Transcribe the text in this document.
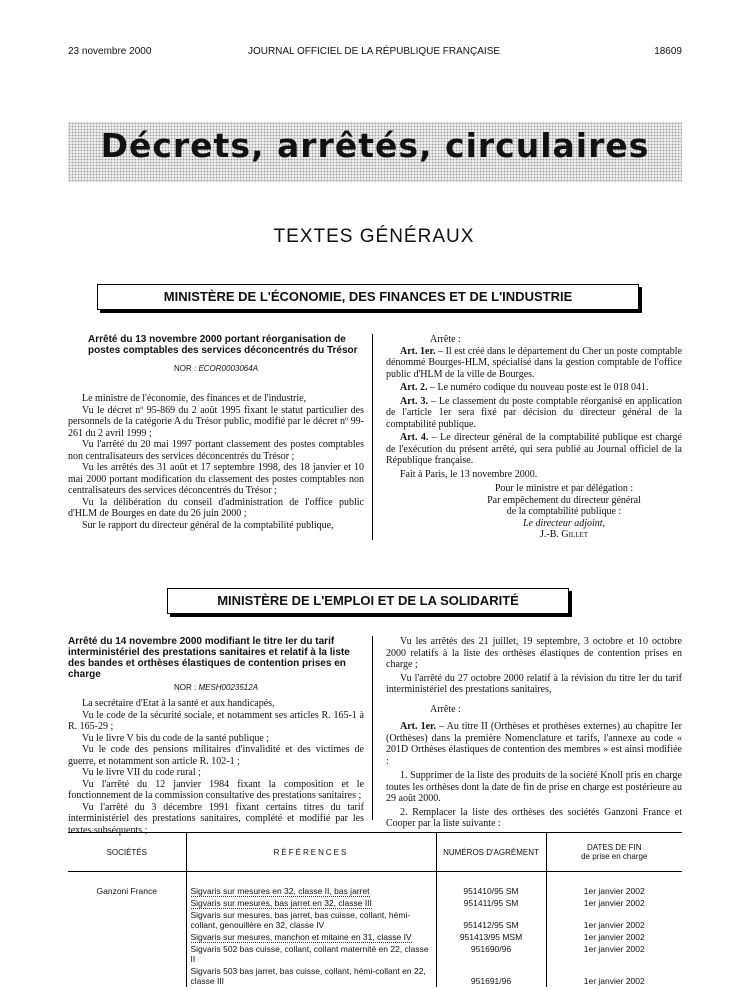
23 novembre 2000	JOURNAL OFFICIEL DE LA RÉPUBLIQUE FRANÇAISE	18609
Décrets, arrêtés, circulaires
TEXTES GÉNÉRAUX
MINISTÈRE DE L'ÉCONOMIE, DES FINANCES ET DE L'INDUSTRIE
Arrêté du 13 novembre 2000 portant réorganisation de postes comptables des services déconcentrés du Trésor
NOR : ECOR0003064A

Le ministre de l'économie, des finances et de l'industrie,

Vu le décret nº 95-869 du 2 août 1995 fixant le statut particulier des personnels de la catégorie A du Trésor public, modifié par le décret nº 99-261 du 2 avril 1999 ;

Vu l'arrêté du 20 mai 1997 portant classement des postes comptables non centralisateurs des services déconcentrés du Trésor ;

Vu les arrêtés des 31 août et 17 septembre 1998, des 18 janvier et 10 mai 2000 portant modification du classement des postes comptables non centralisateurs des services déconcentrés du Trésor ;

Vu la délibération du conseil d'administration de l'office public d'HLM de Bourges en date du 26 juin 2000 ;

Sur le rapport du directeur général de la comptabilité publique,

Arrête :

Art. 1er. – Il est créé dans le département du Cher un poste comptable dénommé Bourges-HLM, spécialisé dans la gestion comptable de l'office public d'HLM de la ville de Bourges.

Art. 2. – Le numéro codique du nouveau poste est le 018 041.

Art. 3. – Le classement du poste comptable réorganisé en application de l'article 1er sera fixé par décision du directeur général de la comptabilité publique.

Art. 4. – Le directeur général de la comptabilité publique est chargé de l'exécution du présent arrêté, qui sera publié au Journal officiel de la République française.

Fait à Paris, le 13 novembre 2000.

Pour le ministre et par délégation :
Par empêchement du directeur général
de la comptabilité publique :
Le directeur adjoint,
J.-B. Gillet
MINISTÈRE DE L'EMPLOI ET DE LA SOLIDARITÉ
Arrêté du 14 novembre 2000 modifiant le titre Ier du tarif interministériel des prestations sanitaires et relatif à la liste des bandes et orthèses élastiques de contention prises en charge
NOR : MESH0023512A

La secrétaire d'Etat à la santé et aux handicapés,

Vu le code de la sécurité sociale, et notamment ses articles R. 165-1 à R. 165-29 ;

Vu le livre V bis du code de la santé publique ;

Vu le code des pensions militaires d'invalidité et des victimes de guerre, et notamment son article R. 102-1 ;

Vu le livre VII du code rural ;

Vu l'arrêté du 12 janvier 1984 fixant la composition et le fonctionnement de la commission consultative des prestations sanitaires ;

Vu l'arrêté du 3 décembre 1991 fixant certains titres du tarif interministériel des prestations sanitaires, complété et modifié par les textes subséquents ;

Vu les arrêtés des 21 juillet, 19 septembre, 3 octobre et 10 octobre 2000 relatifs à la liste des orthèses élastiques de contention prises en charge ;

Vu l'arrêté du 27 octobre 2000 relatif à la révision du titre Ier du tarif interministériel des prestations sanitaires,

Arrête :

Art. 1er. – Au titre II (Orthèses et prothèses externes) au chapitre Ier (Orthèses) dans la première Nomenclature et tarifs, l'annexe au code « 201D Orthèses élastiques de contention des membres » est ainsi modifiée :

1. Supprimer de la liste des produits de la société Knoll pris en charge toutes les orthèses dont la date de fin de prise en charge est postérieure au 29 août 2000.

2. Remplacer la liste des orthèses des sociétés Ganzoni France et Cooper par la liste suivante :

SOCIÉTÉS	RÉFÉRENCES	NUMÉROS D'AGRÉMENT	DATES DE FIN
de prise en charge

Ganzoni France	Sigvaris sur mesures en 32, classe II, bas jarret	951410/95 SM	1er janvier 2002
	Sigvaris sur mesures, bas jarret en 32, classe III	951411/95 SM	1er janvier 2002
	Sigvaris sur mesures, bas jarret, bas cuisse, collant, hémi-collant, genouillère en 32, classe IV	951412/95 SM	1er janvier 2002
	Sigvaris sur mesures, manchon et mitaine en 31, classe IV	951413/95 MSM	1er janvier 2002
	Sigvaris 502 bas cuisse, collant, collant maternité en 22, classe II	951690/96	1er janvier 2002
	Sigvaris 503 bas jarret, bas cuisse, collant, hémi-collant en 22, classe III	951691/96	1er janvier 2002
